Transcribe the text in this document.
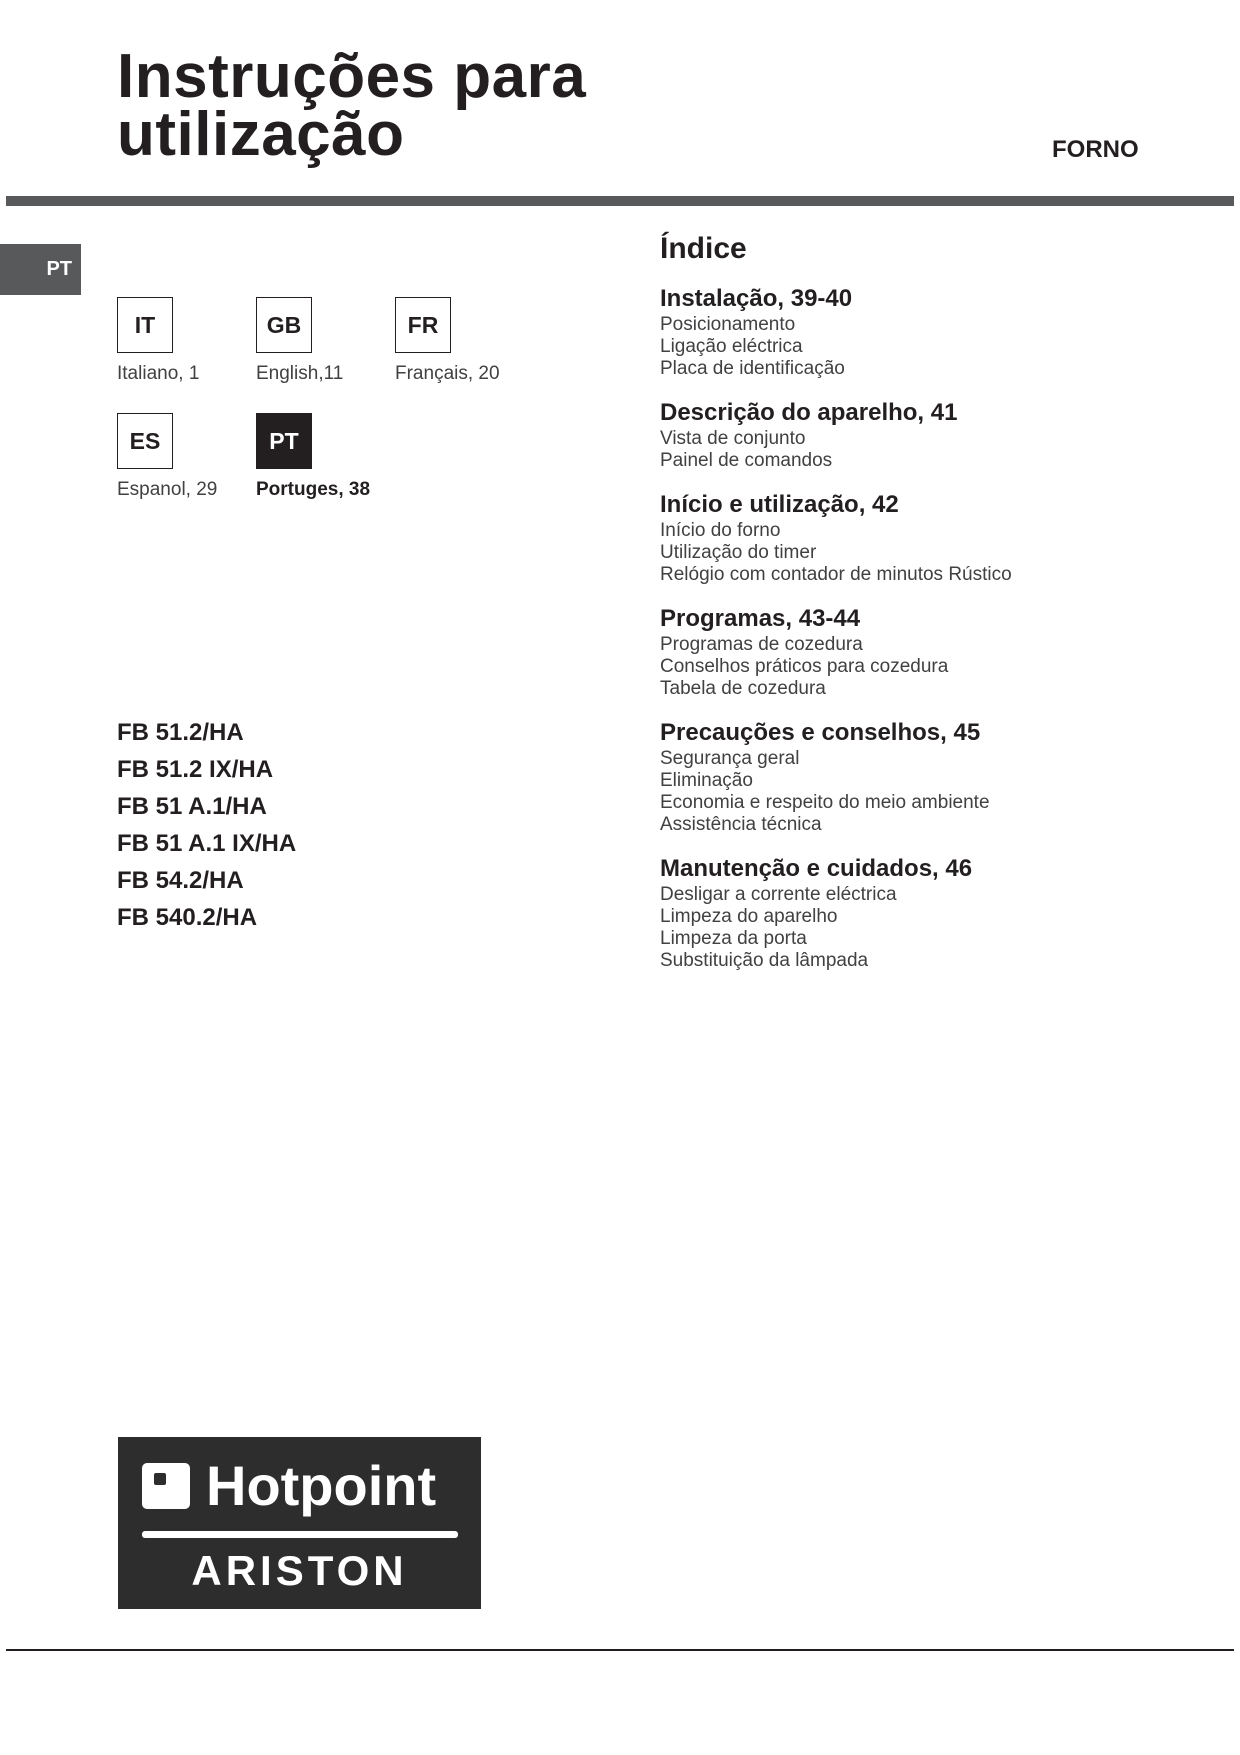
Instruções para
utilização	FORNO
PT
IT
Italiano, 1
GB
English,11
FR
Français, 20
ES
Espanol, 29
PT
Portuges, 38
FB 51.2/HA
FB 51.2 IX/HA
FB 51 A.1/HA
FB 51 A.1 IX/HA
FB 54.2/HA
FB 540.2/HA
Índice
Instalação, 39-40
Posicionamento
Ligação eléctrica
Placa de identificação
Descrição do aparelho, 41
Vista de conjunto
Painel de comandos
Início e utilização, 42
Início do forno
Utilização do timer
Relógio com contador de minutos Rústico
Programas, 43-44
Programas de cozedura
Conselhos práticos para cozedura
Tabela de cozedura
Precauções e conselhos, 45
Segurança geral
Eliminação
Economia e respeito do meio ambiente
Assistência técnica
Manutenção e cuidados, 46
Desligar a corrente eléctrica
Limpeza do aparelho
Limpeza da porta
Substituição da lâmpada
Hotpoint
ARISTON
